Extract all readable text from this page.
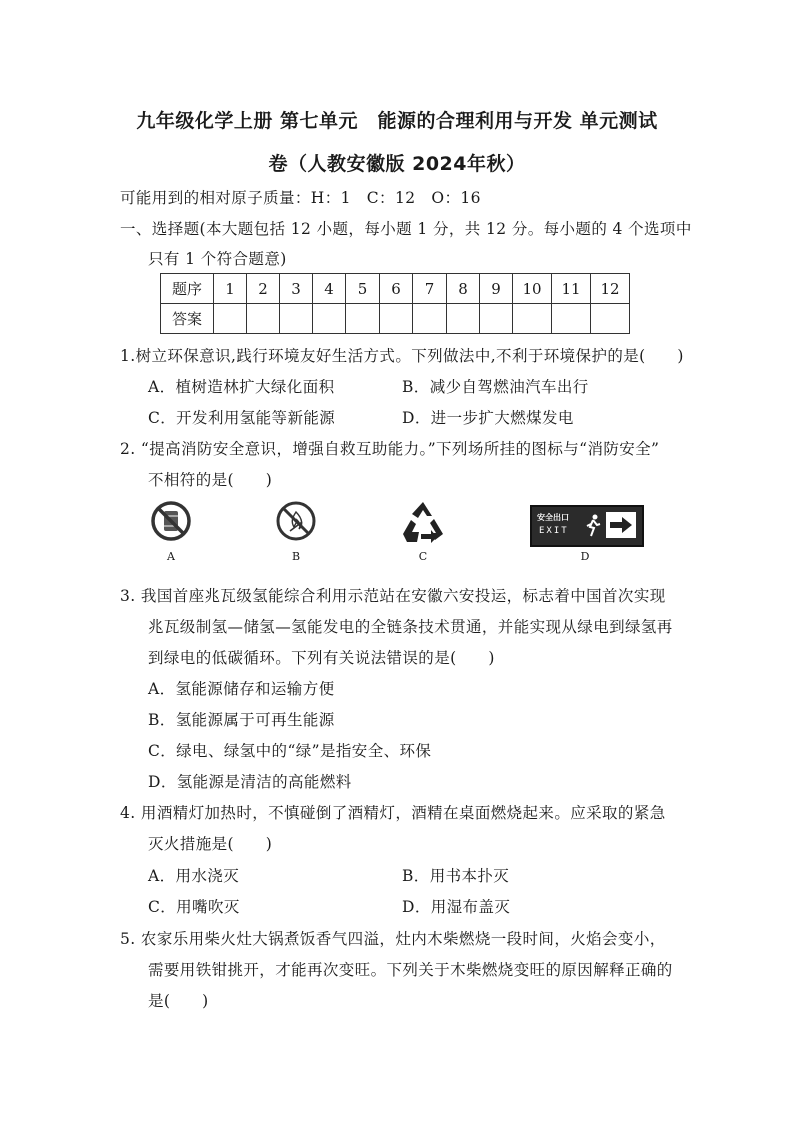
九年级化学上册 第七单元　能源的合理利用与开发 单元测试
卷（人教安徽版 2024年秋）
可能用到的相对原子质量：H：1　C：12　O：16
一、选择题(本大题包括 12 小题，每小题 1 分，共 12 分。每小题的 4 个选项中
只有 1 个符合题意)
题序	1	2	3	4	5	6	7	8	9	10	11	12
答案												
1.树立环保意识,践行环境友好生活方式。下列做法中,不利于环境保护的是(　　)
A．植树造林扩大绿化面积	B．减少自驾燃油汽车出行
C．开发利用氢能等新能源	D．进一步扩大燃煤发电
2. “提高消防安全意识，增强自救互助能力。”下列场所挂的图标与“消防安全”
不相符的是(　　)
A	B	C
安全出口
EXIT
D
3. 我国首座兆瓦级氢能综合利用示范站在安徽六安投运，标志着中国首次实现
兆瓦级制氢—储氢—氢能发电的全链条技术贯通，并能实现从绿电到绿氢再
到绿电的低碳循环。下列有关说法错误的是(　　)
A．氢能源储存和运输方便
B．氢能源属于可再生能源
C．绿电、绿氢中的“绿”是指安全、环保
D．氢能源是清洁的高能燃料
4. 用酒精灯加热时，不慎碰倒了酒精灯，酒精在桌面燃烧起来。应采取的紧急
灭火措施是(　　)
A．用水浇灭	B．用书本扑灭
C．用嘴吹灭	D．用湿布盖灭
5. 农家乐用柴火灶大锅煮饭香气四溢，灶内木柴燃烧一段时间，火焰会变小，
需要用铁钳挑开，才能再次变旺。下列关于木柴燃烧变旺的原因解释正确的
是(　　)
